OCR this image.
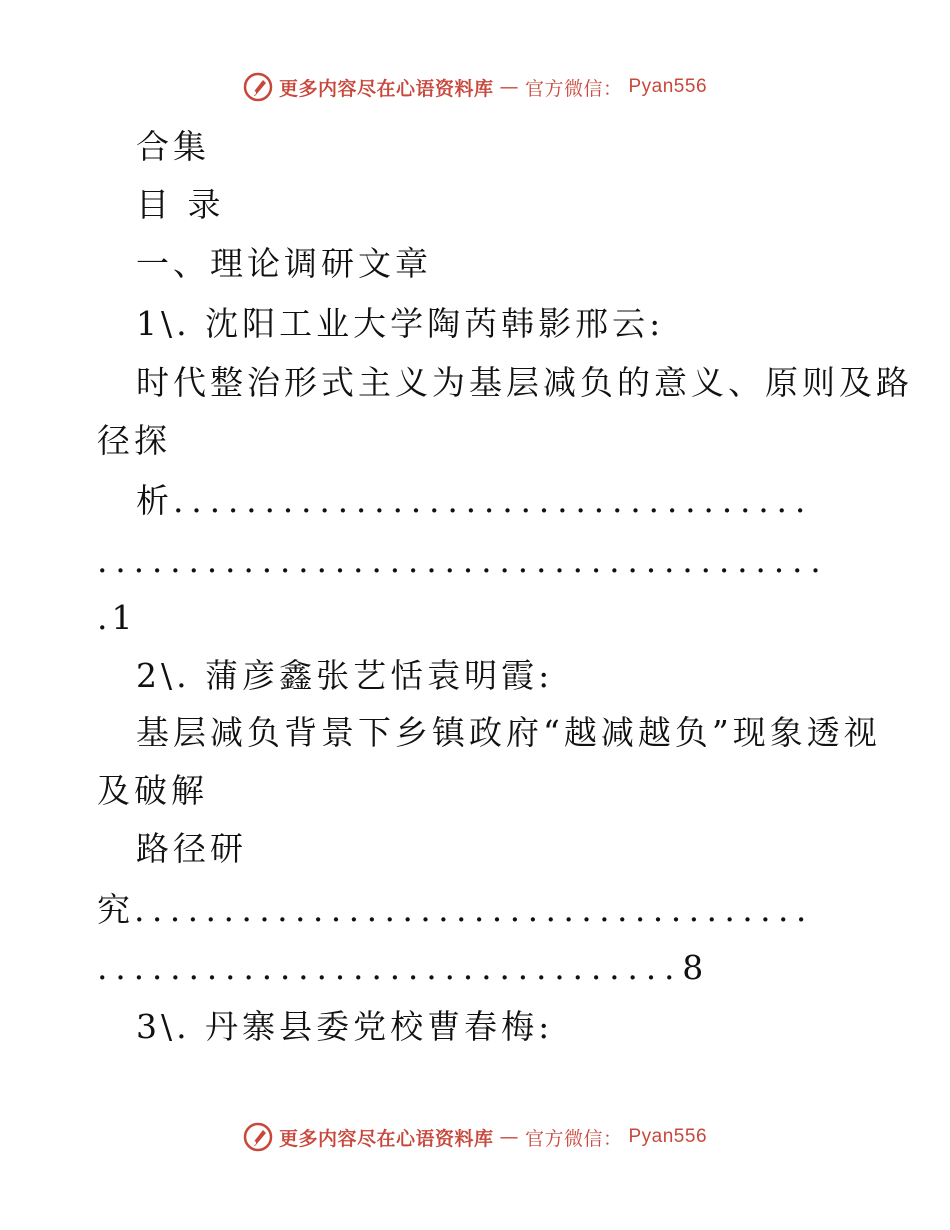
更多内容尽在心语资料库 — 官方微信： Pyan556
合集
目 录
一、理论调研文章
1\. 沈阳工业大学陶芮韩影邢云:
时代整治形式主义为基层减负的意义、原则及路
径探
析...................................
........................................
.1
2\. 蒲彦鑫张艺恬袁明霞:
基层减负背景下乡镇政府“越减越负”现象透视
及破解
路径研
究......................................
................................8
3\. 丹寨县委党校曹春梅:
更多内容尽在心语资料库 — 官方微信： Pyan556
